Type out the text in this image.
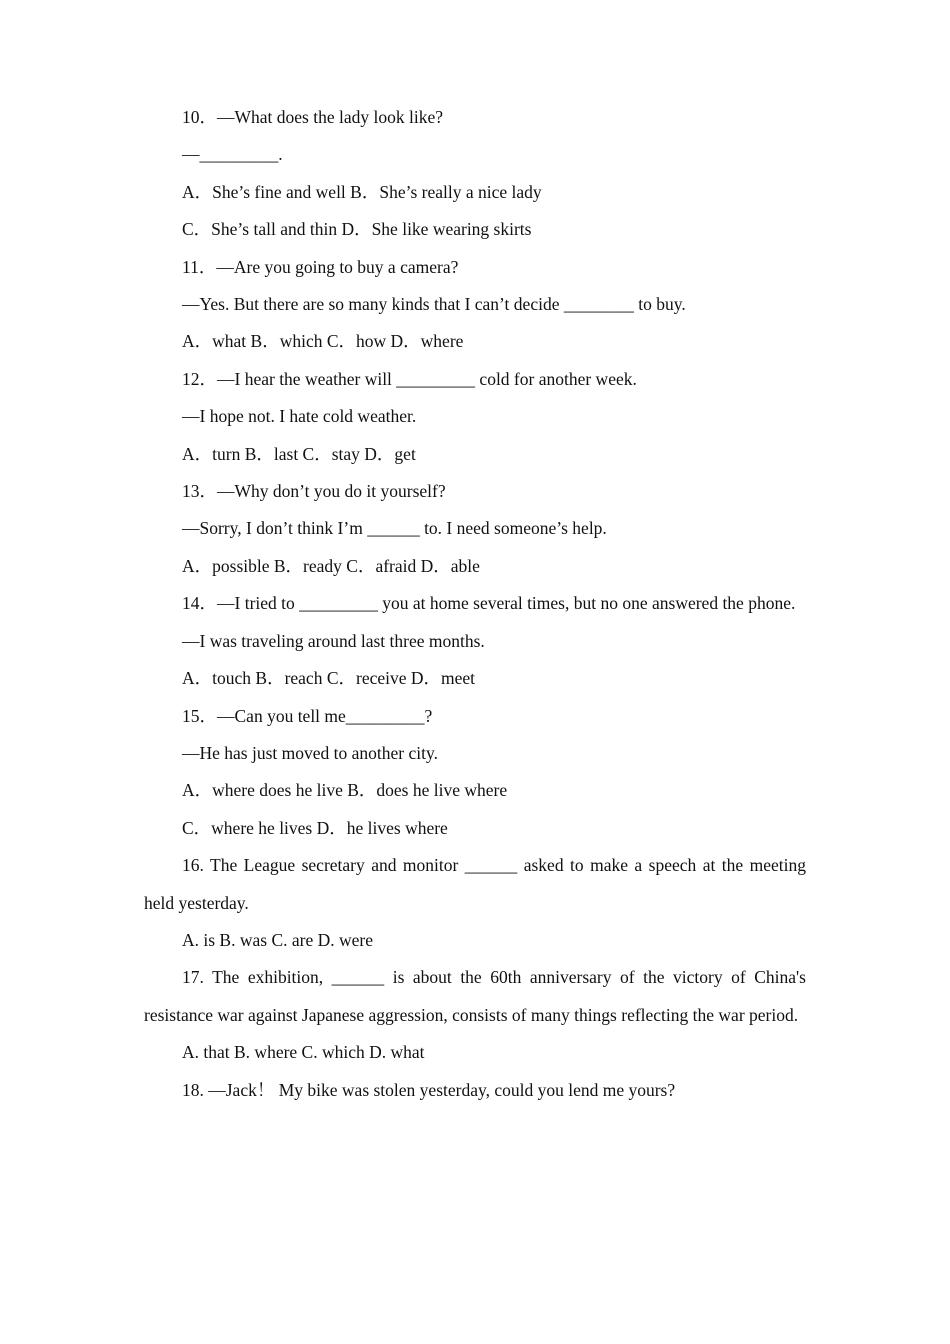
10．—What does the lady look like?

—_________.

A．She’s fine and well B．She’s really a nice lady

C．She’s tall and thin D．She like wearing skirts

11．—Are you going to buy a camera?

—Yes. But there are so many kinds that I can’t decide ________ to buy.

A．what B．which C．how D．where

12．—I hear the weather will _________ cold for another week.

—I hope not. I hate cold weather.

A．turn B．last C．stay D．get

13．—Why don’t you do it yourself?

—Sorry, I don’t think I’m ______ to. I need someone’s help.

A．possible B．ready C．afraid D．able

14．—I tried to _________ you at home several times, but no one answered the phone.

—I was traveling around last three months.

A．touch B．reach C．receive D．meet

15．—Can you tell me_________?

—He has just moved to another city.

A．where does he live B．does he live where

C．where he lives D．he lives where

16. The League secretary and monitor ______ asked to make a speech at the meeting held yesterday.

A. is B. was C. are D. were

17. The exhibition, ______ is about the 60th anniversary of the victory of China's resistance war against Japanese aggression, consists of many things reflecting the war period.

A. that B. where C. which D. what

18. —Jack！ My bike was stolen yesterday, could you lend me yours?
